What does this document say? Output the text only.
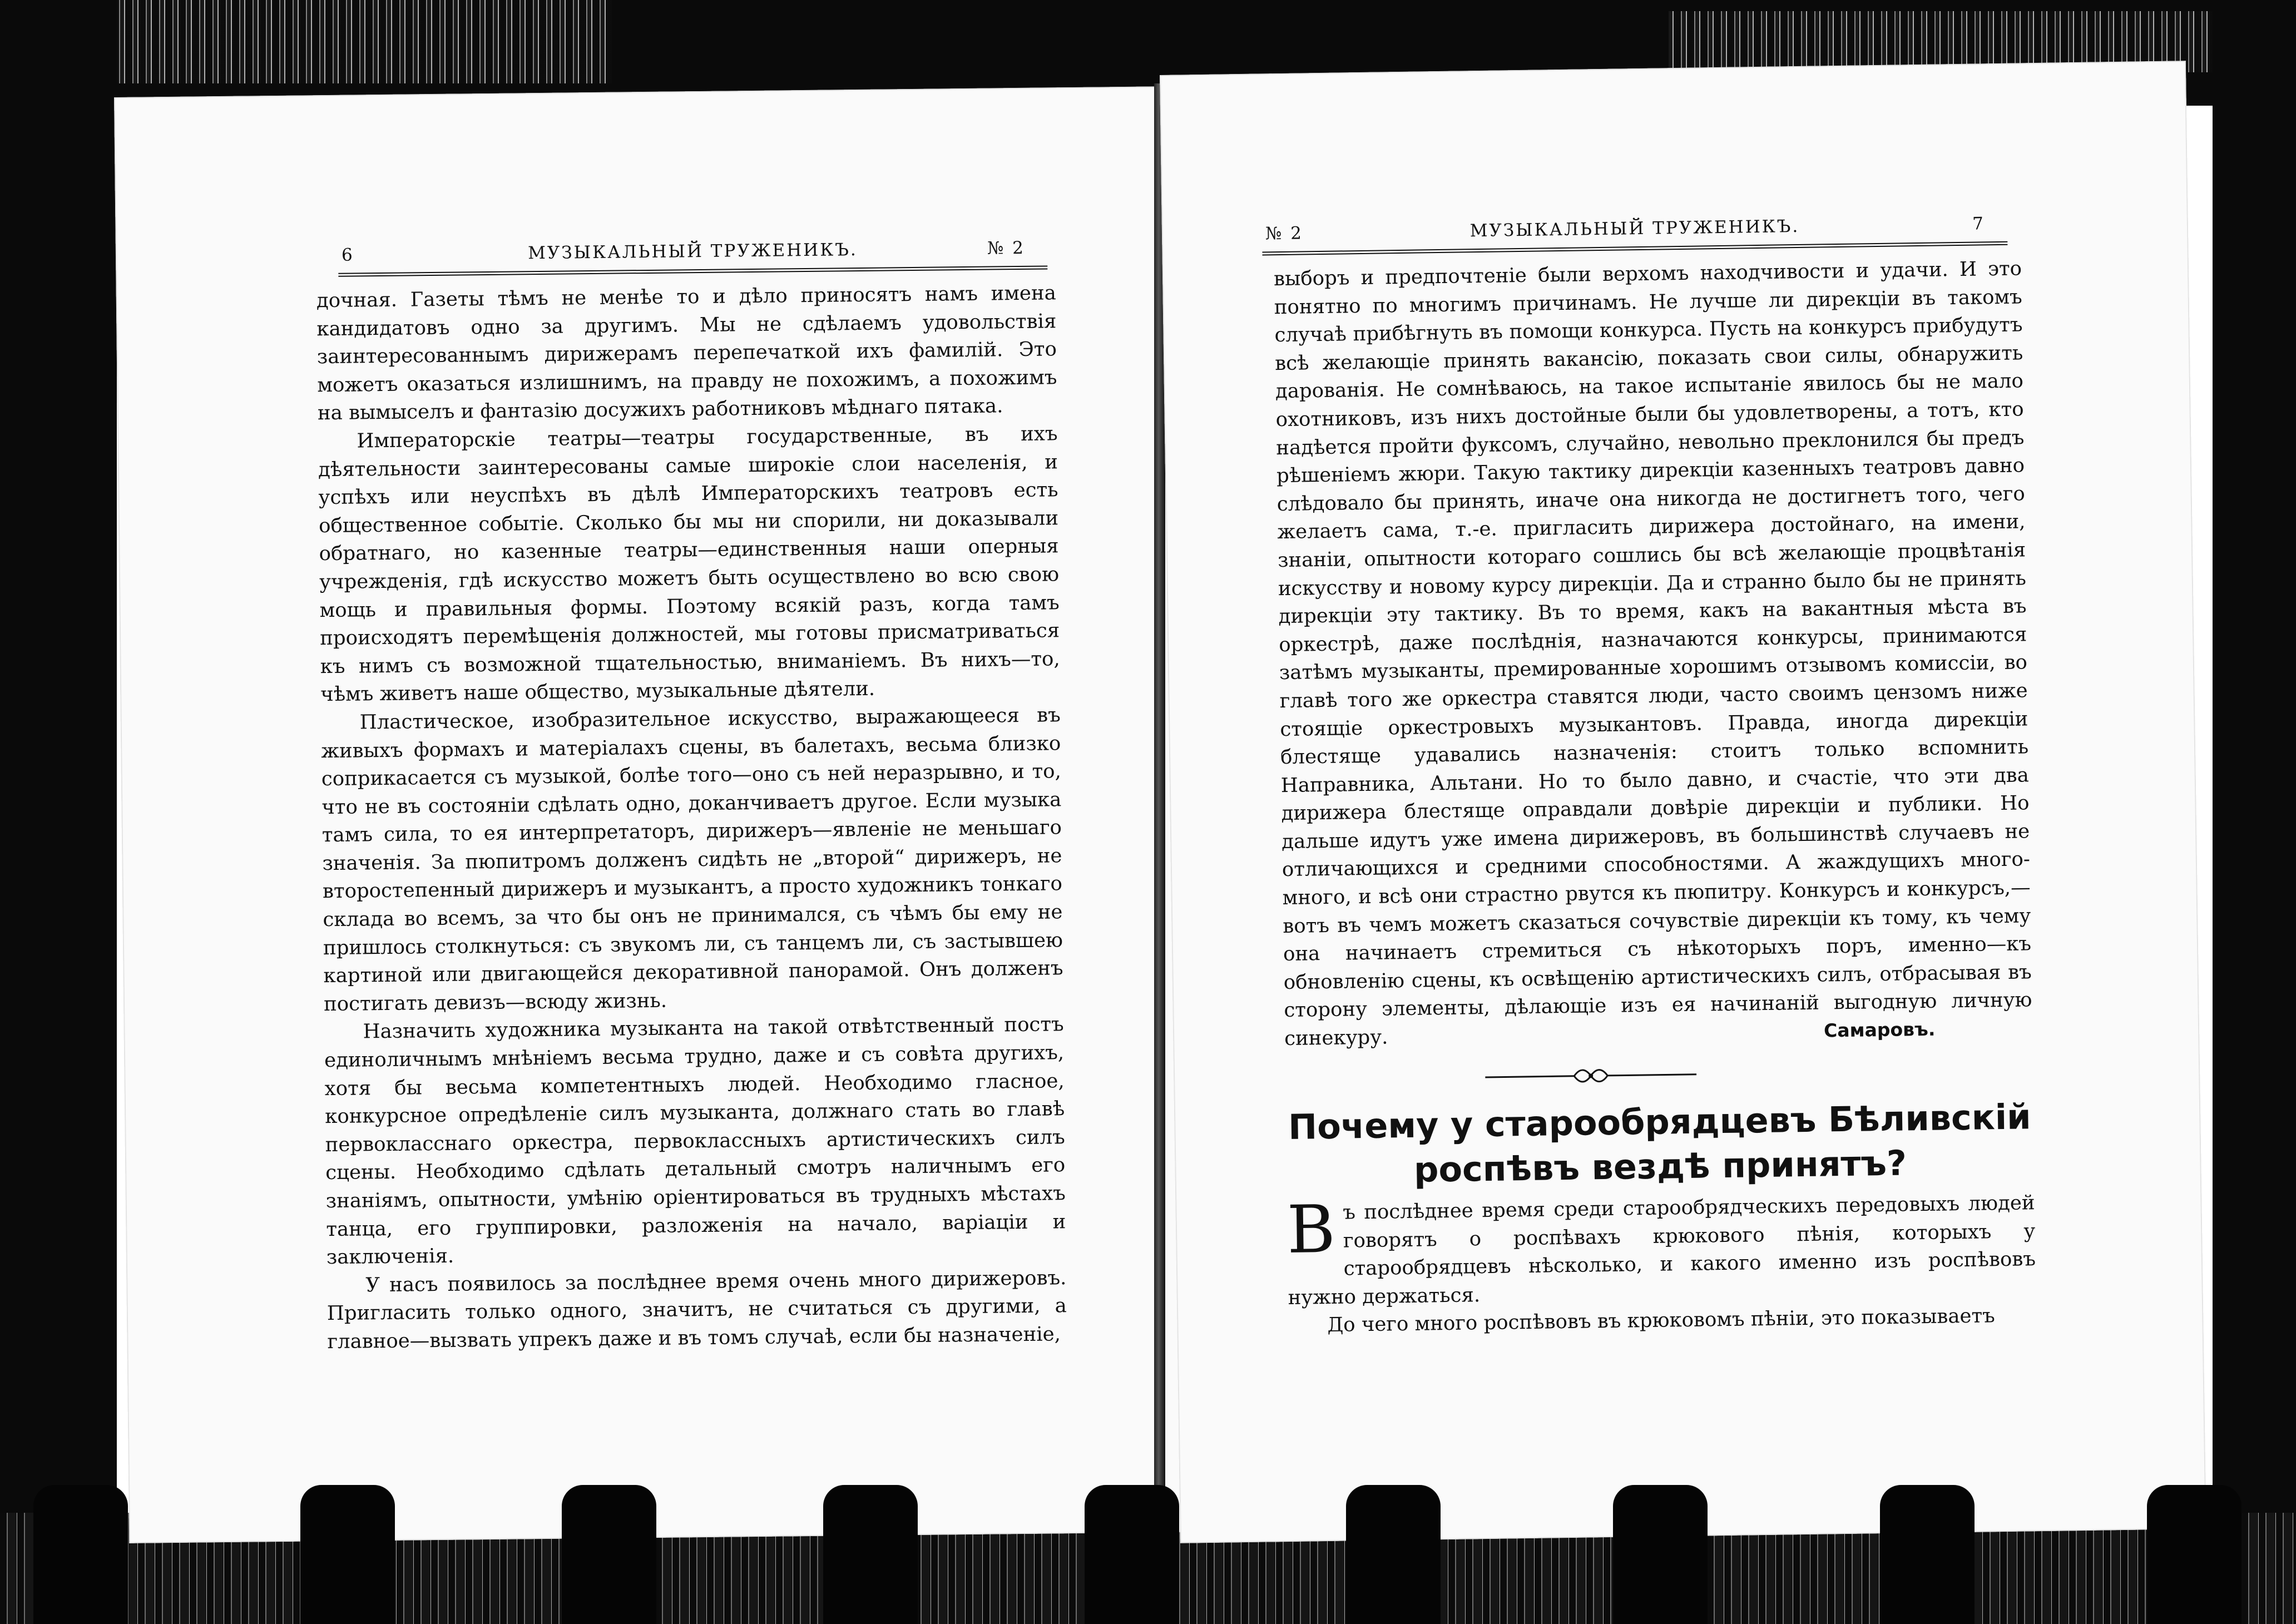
6	МУЗЫКАЛЬНЫЙ ТРУЖЕНИКЪ.	№ 2

дочная. Газеты тѣмъ не менѣе то и дѣло приносятъ намъ имена кандидатовъ одно за другимъ. Мы не сдѣлаемъ удовольствія заинтересованнымъ дирижерамъ перепечаткой ихъ фамилій. Это можетъ оказаться излишнимъ, на правду не похожимъ, а похожимъ на вымыселъ и фантазію досужихъ работниковъ мѣднаго пятака.

Императорскіе театры—театры государственные, въ ихъ дѣятельности заинтересованы самые широкіе слои населенія, и успѣхъ или неуспѣхъ въ дѣлѣ Императорскихъ театровъ есть общественное событіе. Сколько бы мы ни спорили, ни доказывали обратнаго, но казенные театры—единственныя наши оперныя учрежденія, гдѣ искусство можетъ быть осуществлено во всю свою мощь и правильныя формы. Поэтому всякій разъ, когда тамъ происходятъ перемѣщенія должностей, мы готовы присматриваться къ нимъ съ возможной тщательностью, вниманіемъ. Въ нихъ—то, чѣмъ живетъ наше общество, музыкальные дѣятели.

Пластическое, изобразительное искусство, выражающееся въ живыхъ формахъ и матеріалахъ сцены, въ балетахъ, весьма близко соприкасается съ музыкой, болѣе того—оно съ ней неразрывно, и то, что не въ состояніи сдѣлать одно, доканчиваетъ другое. Если музыка тамъ сила, то ея интерпретаторъ, дирижеръ—явленіе не меньшаго значенія. За пюпитромъ долженъ сидѣть не „второй“ дирижеръ, не второстепенный дирижеръ и музыкантъ, а просто художникъ тонкаго склада во всемъ, за что бы онъ не принимался, съ чѣмъ бы ему не пришлось столкнуться: съ звукомъ ли, съ танцемъ ли, съ застывшею картиной или двигающейся декоративной панорамой. Онъ долженъ постигать девизъ—всюду жизнь.

Назначить художника музыканта на такой отвѣтственный постъ единоличнымъ мнѣніемъ весьма трудно, даже и съ совѣта другихъ, хотя бы весьма компетентныхъ людей. Необходимо гласное, конкурсное опредѣленіе силъ музыканта, должнаго стать во главѣ первокласснаго оркестра, первоклассныхъ артистическихъ силъ сцены. Необходимо сдѣлать детальный смотръ наличнымъ его знаніямъ, опытности, умѣнію оріентироваться въ трудныхъ мѣстахъ танца, его группировки, разложенія на начало, варіаціи и заключенія.

У насъ появилось за послѣднее время очень много дирижеровъ. Пригласить только одного, значитъ, не считаться съ другими, а главное—вызвать упрекъ даже и въ томъ случаѣ, если бы назначеніе,

№ 2	МУЗЫКАЛЬНЫЙ ТРУЖЕНИКЪ.	7

выборъ и предпочтеніе были верхомъ находчивости и удачи. И это понятно по многимъ причинамъ. Не лучше ли дирекціи въ такомъ случаѣ прибѣгнуть въ помощи конкурса. Пусть на конкурсъ прибудутъ всѣ желающіе принять вакансію, показать свои силы, обнаружить дарованія. Не сомнѣваюсь, на такое испытаніе явилось бы не мало охотниковъ, изъ нихъ достойные были бы удовлетворены, а тотъ, кто надѣется пройти фуксомъ, случайно, невольно преклонился бы предъ рѣшеніемъ жюри. Такую тактику дирекціи казенныхъ театровъ давно слѣдовало бы принять, иначе она никогда не достигнетъ того, чего желаетъ сама, т.-е. пригласить дирижера достойнаго, на имени, знаніи, опытности котораго сошлись бы всѣ желающіе процвѣтанія искусству и новому курсу дирекціи. Да и странно было бы не принять дирекціи эту тактику. Въ то время, какъ на вакантныя мѣста въ оркестрѣ, даже послѣднія, назначаются конкурсы, принимаются затѣмъ музыканты, премированные хорошимъ отзывомъ комиссіи, во главѣ того же оркестра ставятся люди, часто своимъ цензомъ ниже стоящіе оркестровыхъ музыкантовъ. Правда, иногда дирекціи блестяще удавались назначенія: стоитъ только вспомнить Направника, Альтани. Но то было давно, и счастіе, что эти два дирижера блестяще оправдали довѣріе дирекціи и публики. Но дальше идутъ уже имена дирижеровъ, въ большинствѣ случаевъ не отличающихся и средними способностями. А жаждущихъ много-много, и всѣ они страстно рвутся къ пюпитру. Конкурсъ и конкурсъ,—вотъ въ чемъ можетъ сказаться сочувствіе дирекціи къ тому, къ чему она начинаетъ стремиться съ нѣкоторыхъ поръ, именно—къ обновленію сцены, къ освѣщенію артистическихъ силъ, отбрасывая въ сторону элементы, дѣлающіе изъ ея начинаній выгодную личную синекуру.	Самаровъ.
Почему у старообрядцевъ Бѣливскій роспѣвъ вездѣ принятъ?

Въ послѣднее время среди старообрядческихъ передовыхъ людей говорятъ о роспѣвахъ крюкового пѣнія, которыхъ у старообрядцевъ нѣсколько, и какого именно изъ роспѣвовъ нужно держаться.

До чего много роспѣвовъ въ крюковомъ пѣніи, это показываетъ
